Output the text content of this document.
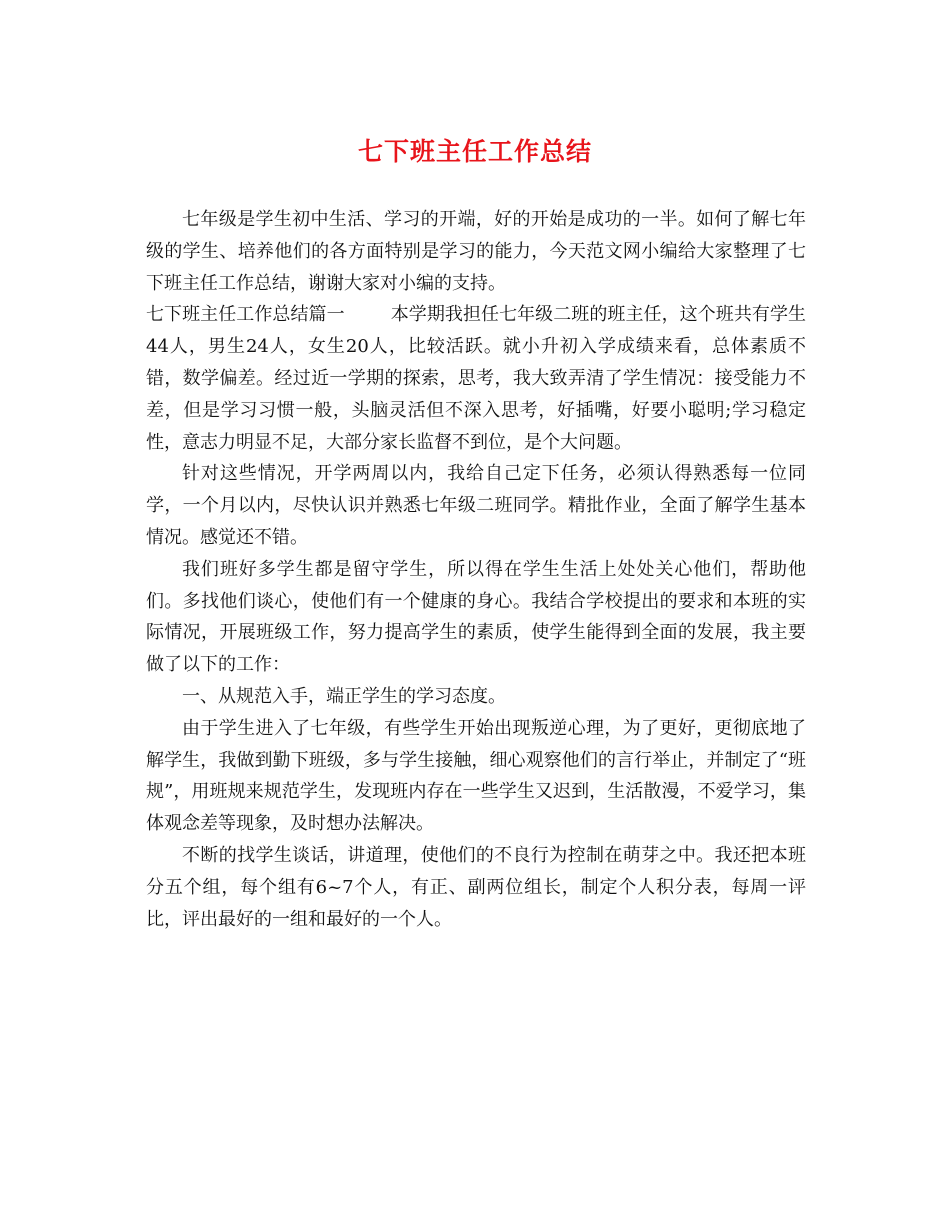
七下班主任工作总结

七年级是学生初中生活、学习的开端，好的开始是成功的一半。如何了解七年级的学生、培养他们的各方面特别是学习的能力，今天范文网小编给大家整理了七下班主任工作总结，谢谢大家对小编的支持。

七下班主任工作总结篇一	本学期我担任七年级二班的班主任，这个班共有学生44人，男生24人，女生20人，比较活跃。就小升初入学成绩来看，总体素质不错，数学偏差。经过近一学期的探索，思考，我大致弄清了学生情况：接受能力不差，但是学习习惯一般，头脑灵活但不深入思考，好插嘴，好要小聪明;学习稳定性，意志力明显不足，大部分家长监督不到位，是个大问题。

针对这些情况，开学两周以内，我给自己定下任务，必须认得熟悉每一位同学，一个月以内，尽快认识并熟悉七年级二班同学。精批作业，全面了解学生基本情况。感觉还不错。

我们班好多学生都是留守学生，所以得在学生生活上处处关心他们，帮助他们。多找他们谈心，使他们有一个健康的身心。我结合学校提出的要求和本班的实际情况，开展班级工作，努力提高学生的素质，使学生能得到全面的发展，我主要做了以下的工作：

一、从规范入手，端正学生的学习态度。

由于学生进入了七年级，有些学生开始出现叛逆心理，为了更好，更彻底地了解学生，我做到勤下班级，多与学生接触，细心观察他们的言行举止，并制定了“班规”，用班规来规范学生，发现班内存在一些学生又迟到，生活散漫，不爱学习，集体观念差等现象，及时想办法解决。

不断的找学生谈话，讲道理，使他们的不良行为控制在萌芽之中。我还把本班分五个组，每个组有6~7个人，有正、副两位组长，制定个人积分表，每周一评比，评出最好的一组和最好的一个人。
